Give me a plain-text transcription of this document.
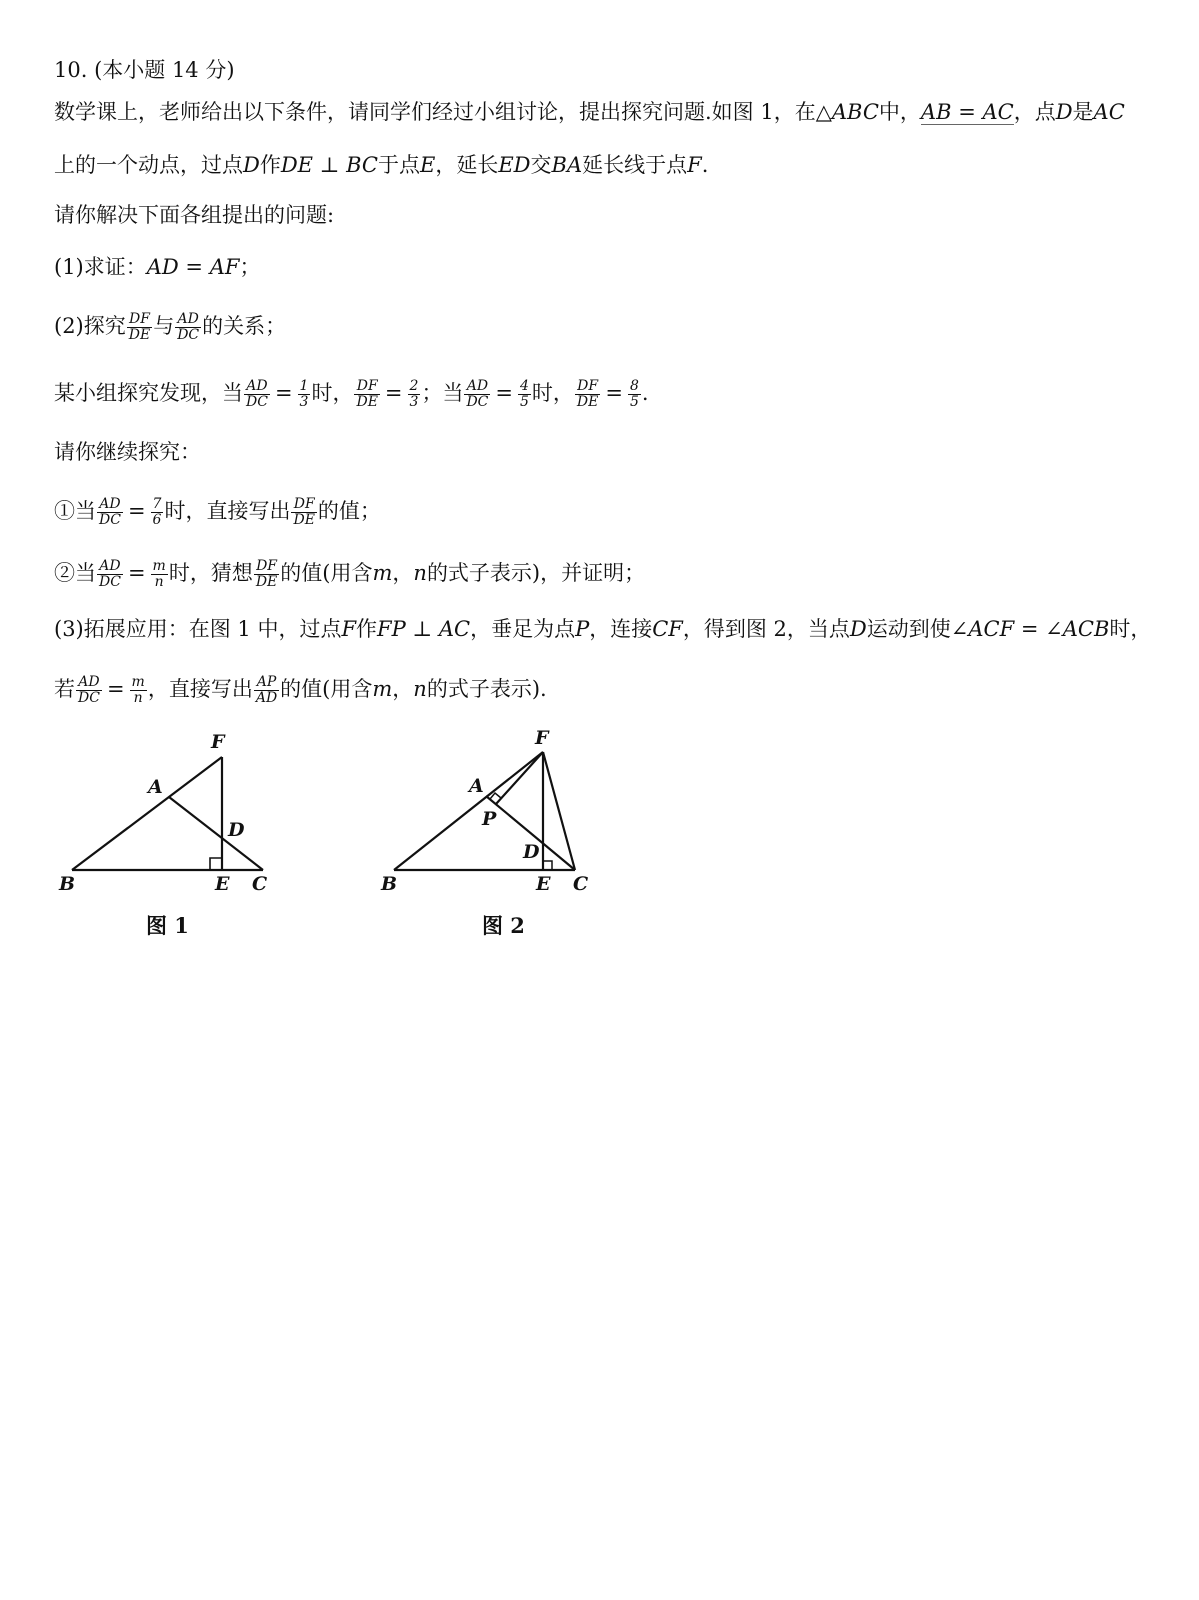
10. (本小题 14 分)
数学课上，老师给出以下条件，请同学们经过小组讨论，提出探究问题.如图 1，在△ABC中，AB = AC，点D是AC
上的一个动点，过点D作DE ⊥ BC于点E，延长ED交BA延长线于点F.
请你解决下面各组提出的问题:
(1)求证：AD = AF；
(2)探究 $\frac{DF}{DE}$ 与 $\frac{AD}{DC}$ 的关系；
某小组探究发现，当 $\frac{AD}{DC} = \frac{1}{3}$ 时， $\frac{DF}{DE} = \frac{2}{3}$ ；当 $\frac{AD}{DC} = \frac{4}{5}$ 时， $\frac{DF}{DE} = \frac{8}{5}$ .
请你继续探究：
①当 $\frac{AD}{DC} = \frac{7}{6}$ 时，直接写出 $\frac{DF}{DE}$ 的值；
②当 $\frac{AD}{DC} = \frac{m}{n}$ 时，猜想 $\frac{DF}{DE}$ 的值(用含m，n的式子表示)，并证明；
(3)拓展应用：在图 1 中，过点F作FP ⊥ AC，垂足为点P，连接CF，得到图 2，当点D运动到使∠ACF = ∠ACB时，
若 $\frac{AD}{DC} = \frac{m}{n}$ ，直接写出 $\frac{AP}{AD}$ 的值(用含m，n的式子表示).
F
A
D
B	E C
F
A
P
D
B	E C
图 1	图 2
